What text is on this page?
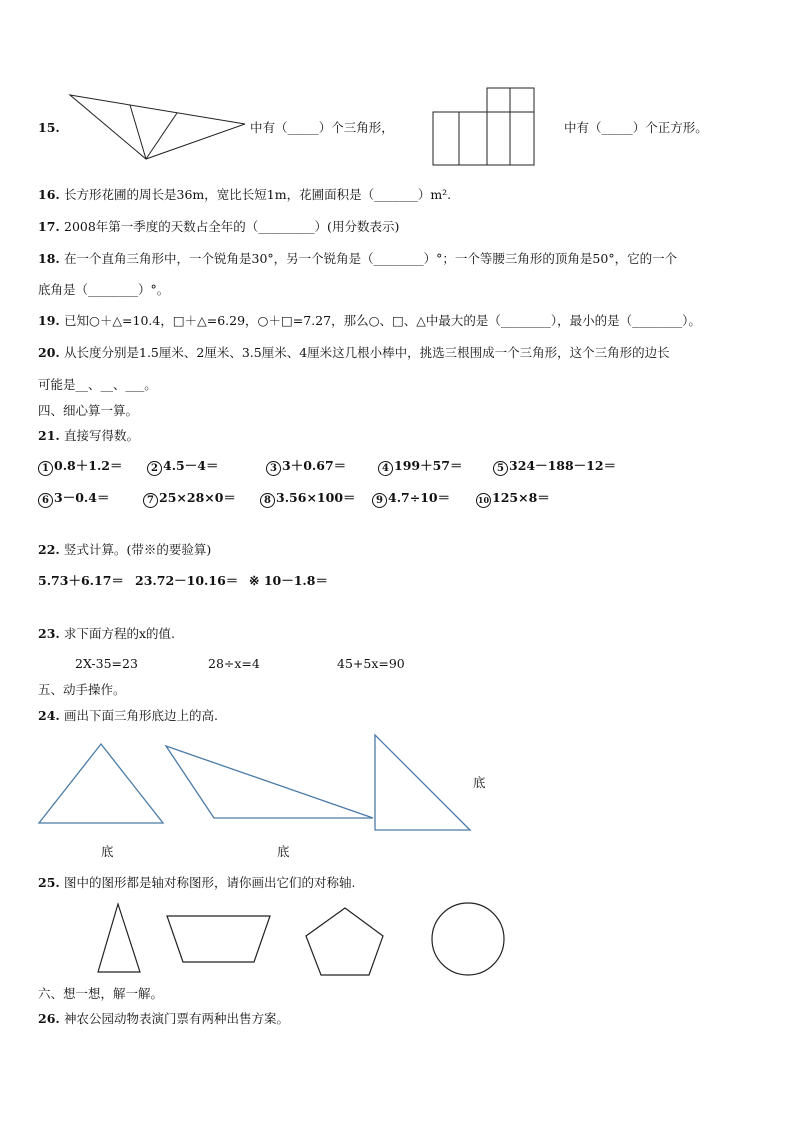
15.	中有（_____）个三角形，	中有（_____）个正方形。
16. 长方形花圃的周长是36m，宽比长短1m，花圃面积是（_______）m².
17. 2008年第一季度的天数占全年的（_________）(用分数表示)
18. 在一个直角三角形中，一个锐角是30°，另一个锐角是（________）°；一个等腰三角形的顶角是50°，它的一个
底角是（________）°。
19. 已知○＋△=10.4，□＋△=6.29，○＋□=7.27，那么○、□、△中最大的是（________），最小的是（________）。
20. 从长度分别是1.5厘米、2厘米、3.5厘米、4厘米这几根小棒中，挑选三根围成一个三角形，这个三角形的边长
可能是__、__、___。
四、细心算一算。
21. 直接写得数。
1 0.8＋1.2＝	2 4.5－4＝	3 3＋0.67＝	4 199＋57＝	5 324－188－12＝
6 3－0.4＝	7 25×28×0＝	8 3.56×100＝	9 4.7÷10＝	10 125×8＝
22. 竖式计算。(带※的要验算)
5.73＋6.17＝ 23.72－10.16＝ ※ 10－1.8＝
23. 求下面方程的x的值.
2X-35=23	28÷x=4	45+5x=90
五、动手操作。
24. 画出下面三角形底边上的高.
底	底
底
25. 图中的图形都是轴对称图形，请你画出它们的对称轴.
六、想一想，解一解。
26. 神农公园动物表演门票有两种出售方案。
